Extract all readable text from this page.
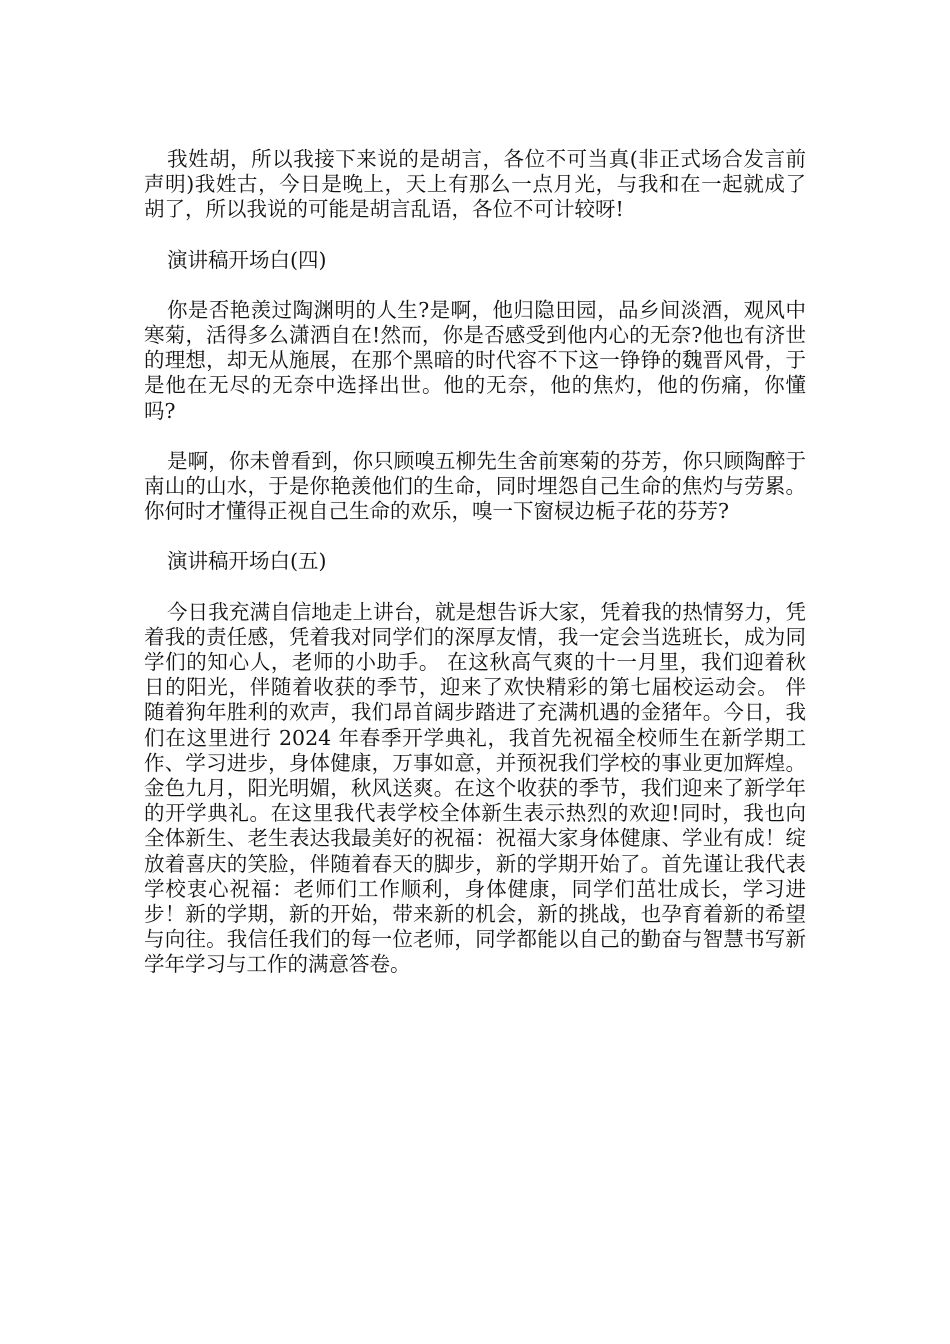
我姓胡，所以我接下来说的是胡言，各位不可当真(非正式场合发言前声明)我姓古，今日是晚上，天上有那么一点月光，与我和在一起就成了胡了，所以我说的可能是胡言乱语，各位不可计较呀!

演讲稿开场白(四)

你是否艳羡过陶渊明的人生?是啊，他归隐田园，品乡间淡酒，观风中寒菊，活得多么潇洒自在!然而，你是否感受到他内心的无奈?他也有济世的理想，却无从施展，在那个黑暗的时代容不下这一铮铮的魏晋风骨，于是他在无尽的无奈中选择出世。他的无奈，他的焦灼，他的伤痛，你懂吗?

是啊，你未曾看到，你只顾嗅五柳先生舍前寒菊的芬芳，你只顾陶醉于南山的山水，于是你艳羡他们的生命，同时埋怨自己生命的焦灼与劳累。你何时才懂得正视自己生命的欢乐，嗅一下窗棂边栀子花的芬芳?

演讲稿开场白(五)

今日我充满自信地走上讲台，就是想告诉大家，凭着我的热情努力，凭着我的责任感，凭着我对同学们的深厚友情，我一定会当选班长，成为同学们的知心人，老师的小助手。 在这秋高气爽的十一月里，我们迎着秋日的阳光，伴随着收获的季节，迎来了欢快精彩的第七届校运动会。 伴随着狗年胜利的欢声，我们昂首阔步踏进了充满机遇的金猪年。今日，我们在这里进行 2024 年春季开学典礼，我首先祝福全校师生在新学期工作、学习进步，身体健康，万事如意，并预祝我们学校的事业更加辉煌。 金色九月，阳光明媚，秋风送爽。在这个收获的季节，我们迎来了新学年的开学典礼。在这里我代表学校全体新生表示热烈的欢迎!同时，我也向全体新生、老生表达我最美好的祝福：祝福大家身体健康、学业有成！绽放着喜庆的笑脸，伴随着春天的脚步，新的学期开始了。首先谨让我代表学校衷心祝福：老师们工作顺利，身体健康，同学们茁壮成长，学习进步！新的学期，新的开始，带来新的机会，新的挑战，也孕育着新的希望与向往。我信任我们的每一位老师，同学都能以自己的勤奋与智慧书写新学年学习与工作的满意答卷。
